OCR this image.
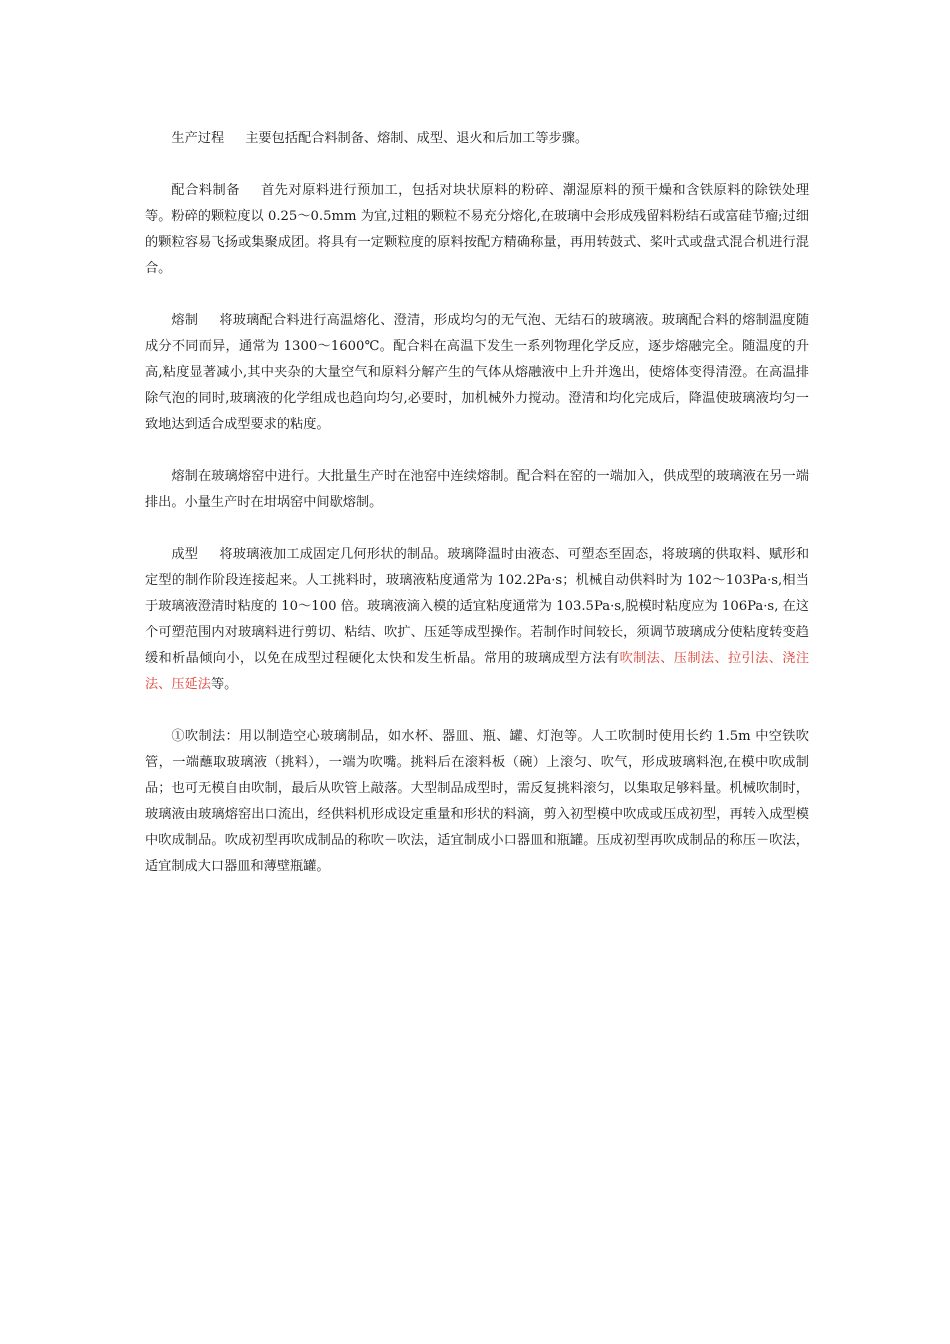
生产过程 主要包括配合料制备、熔制、成型、退火和后加工等步骤。

配合料制备 首先对原料进行预加工，包括对块状原料的粉碎、潮湿原料的预干燥和含铁原料的除铁处理等。粉碎的颗粒度以 0.25～0.5mm 为宜,过粗的颗粒不易充分熔化,在玻璃中会形成残留料粉结石或富硅节瘤;过细的颗粒容易飞扬或集聚成团。将具有一定颗粒度的原料按配方精确称量，再用转鼓式、桨叶式或盘式混合机进行混合。

熔制 将玻璃配合料进行高温熔化、澄清，形成均匀的无气泡、无结石的玻璃液。玻璃配合料的熔制温度随成分不同而异，通常为 1300～1600℃。配合料在高温下发生一系列物理化学反应，逐步熔融完全。随温度的升高,粘度显著减小,其中夹杂的大量空气和原料分解产生的气体从熔融液中上升并逸出，使熔体变得清澄。在高温排除气泡的同时,玻璃液的化学组成也趋向均匀,必要时，加机械外力搅动。澄清和均化完成后，降温使玻璃液均匀一致地达到适合成型要求的粘度。

熔制在玻璃熔窑中进行。大批量生产时在池窑中连续熔制。配合料在窑的一端加入，供成型的玻璃液在另一端排出。小量生产时在坩埚窑中间歇熔制。

成型 将玻璃液加工成固定几何形状的制品。玻璃降温时由液态、可塑态至固态，将玻璃的供取料、赋形和定型的制作阶段连接起来。人工挑料时，玻璃液粘度通常为 102.2Pa·s；机械自动供料时为 102～103Pa·s,相当于玻璃液澄清时粘度的 10～100 倍。玻璃液滴入模的适宜粘度通常为 103.5Pa·s,脱模时粘度应为 106Pa·s, 在这个可塑范围内对玻璃料进行剪切、粘结、吹扩、压延等成型操作。若制作时间较长，须调节玻璃成分使粘度转变趋缓和析晶倾向小，以免在成型过程硬化太快和发生析晶。常用的玻璃成型方法有吹制法、压制法、拉引法、浇注法、压延法等。

①吹制法：用以制造空心玻璃制品，如水杯、器皿、瓶、罐、灯泡等。人工吹制时使用长约 1.5m 中空铁吹管，一端蘸取玻璃液（挑料），一端为吹嘴。挑料后在滚料板（碗）上滚匀、吹气，形成玻璃料泡,在模中吹成制品；也可无模自由吹制，最后从吹管上敲落。大型制品成型时，需反复挑料滚匀，以集取足够料量。机械吹制时，玻璃液由玻璃熔窑出口流出，经供料机形成设定重量和形状的料滴，剪入初型模中吹成或压成初型，再转入成型模中吹成制品。吹成初型再吹成制品的称吹－吹法，适宜制成小口器皿和瓶罐。压成初型再吹成制品的称压－吹法，适宜制成大口器皿和薄壁瓶罐。
